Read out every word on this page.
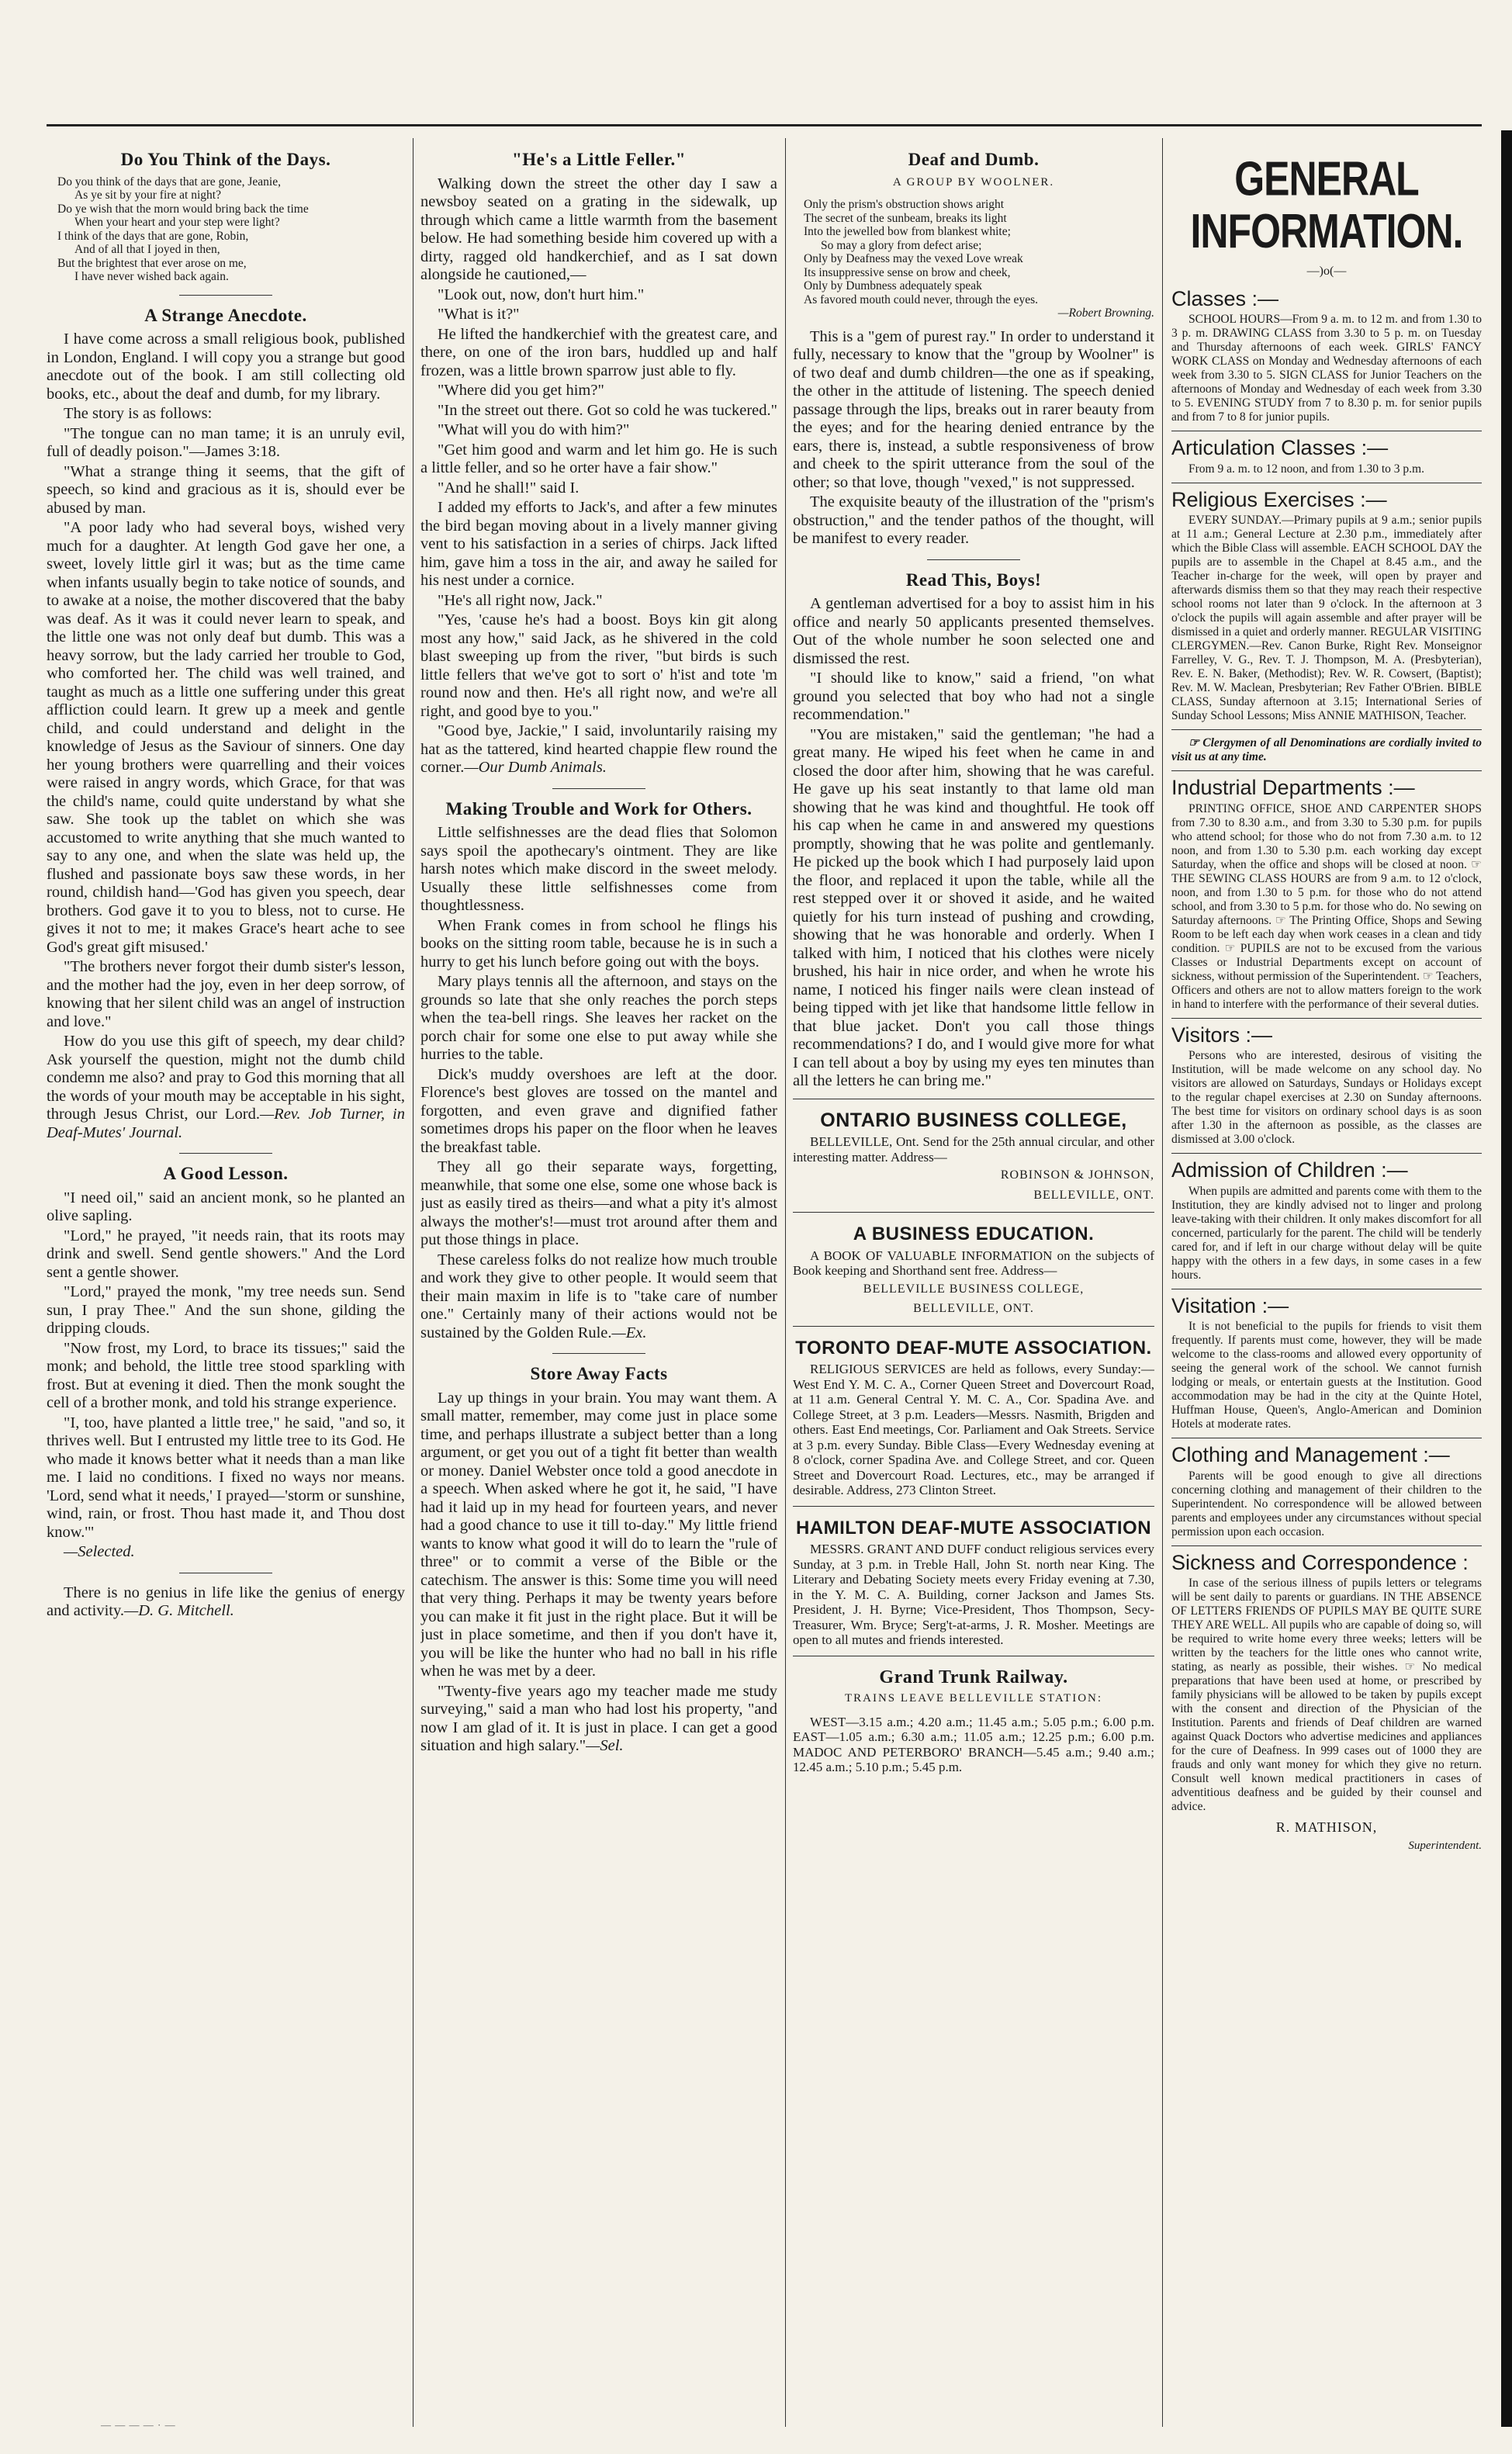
Do You Think of the Days.
Do you think of the days that are gone, Jeanie,
As ye sit by your fire at night?
Do ye wish that the morn would bring back the time
When your heart and your step were light?
I think of the days that are gone, Robin,
And of all that I joyed in then,
But the brightest that ever arose on me,
I have never wished back again.
A Strange Anecdote.

I have come across a small religious book, published in London, England. I will copy you a strange but good anecdote out of the book. I am still collecting old books, etc., about the deaf and dumb, for my library.

The story is as follows:

"The tongue can no man tame; it is an unruly evil, full of deadly poison."—James 3:18.

"What a strange thing it seems, that the gift of speech, so kind and gracious as it is, should ever be abused by man.

"A poor lady who had several boys, wished very much for a daughter. At length God gave her one, a sweet, lovely little girl it was; but as the time came when infants usually begin to take notice of sounds, and to awake at a noise, the mother discovered that the baby was deaf. As it was it could never learn to speak, and the little one was not only deaf but dumb. This was a heavy sorrow, but the lady carried her trouble to God, who comforted her. The child was well trained, and taught as much as a little one suffering under this great affliction could learn. It grew up a meek and gentle child, and could understand and delight in the knowledge of Jesus as the Saviour of sinners. One day her young brothers were quarrelling and their voices were raised in angry words, which Grace, for that was the child's name, could quite understand by what she saw. She took up the tablet on which she was accustomed to write anything that she much wanted to say to any one, and when the slate was held up, the flushed and passionate boys saw these words, in her round, childish hand—'God has given you speech, dear brothers. God gave it to you to bless, not to curse. He gives it not to me; it makes Grace's heart ache to see God's great gift misused.'

"The brothers never forgot their dumb sister's lesson, and the mother had the joy, even in her deep sorrow, of knowing that her silent child was an angel of instruction and love."

How do you use this gift of speech, my dear child? Ask yourself the question, might not the dumb child condemn me also? and pray to God this morning that all the words of your mouth may be acceptable in his sight, through Jesus Christ, our Lord.—Rev. Job Turner, in Deaf-Mutes' Journal.

A Good Lesson.

"I need oil," said an ancient monk, so he planted an olive sapling.

"Lord," he prayed, "it needs rain, that its roots may drink and swell. Send gentle showers." And the Lord sent a gentle shower.

"Lord," prayed the monk, "my tree needs sun. Send sun, I pray Thee." And the sun shone, gilding the dripping clouds.

"Now frost, my Lord, to brace its tissues;" said the monk; and behold, the little tree stood sparkling with frost. But at evening it died. Then the monk sought the cell of a brother monk, and told his strange experience.

"I, too, have planted a little tree," he said, "and so, it thrives well. But I entrusted my little tree to its God. He who made it knows better what it needs than a man like me. I laid no conditions. I fixed no ways nor means. 'Lord, send what it needs,' I prayed—'storm or sunshine, wind, rain, or frost. Thou hast made it, and Thou dost know.'"

—Selected.

There is no genius in life like the genius of energy and activity.—D. G. Mitchell.

"He's a Little Feller."

Walking down the street the other day I saw a newsboy seated on a grating in the sidewalk, up through which came a little warmth from the basement below. He had something beside him covered up with a dirty, ragged old handkerchief, and as I sat down alongside he cautioned,—

"Look out, now, don't hurt him."

"What is it?"

He lifted the handkerchief with the greatest care, and there, on one of the iron bars, huddled up and half frozen, was a little brown sparrow just able to fly.

"Where did you get him?"

"In the street out there. Got so cold he was tuckered."

"What will you do with him?"

"Get him good and warm and let him go. He is such a little feller, and so he orter have a fair show."

"And he shall!" said I.

I added my efforts to Jack's, and after a few minutes the bird began moving about in a lively manner giving vent to his satisfaction in a series of chirps. Jack lifted him, gave him a toss in the air, and away he sailed for his nest under a cornice.

"He's all right now, Jack."

"Yes, 'cause he's had a boost. Boys kin git along most any how," said Jack, as he shivered in the cold blast sweeping up from the river, "but birds is such little fellers that we've got to sort o' h'ist and tote 'm round now and then. He's all right now, and we're all right, and good bye to you."

"Good bye, Jackie," I said, involuntarily raising my hat as the tattered, kind hearted chappie flew round the corner.—Our Dumb Animals.

Making Trouble and Work for Others.

Little selfishnesses are the dead flies that Solomon says spoil the apothecary's ointment. They are like harsh notes which make discord in the sweet melody. Usually these little selfishnesses come from thoughtlessness.

When Frank comes in from school he flings his books on the sitting room table, because he is in such a hurry to get his lunch before going out with the boys.

Mary plays tennis all the afternoon, and stays on the grounds so late that she only reaches the porch steps when the tea-bell rings. She leaves her racket on the porch chair for some one else to put away while she hurries to the table.

Dick's muddy overshoes are left at the door. Florence's best gloves are tossed on the mantel and forgotten, and even grave and dignified father sometimes drops his paper on the floor when he leaves the breakfast table.

They all go their separate ways, forgetting, meanwhile, that some one else, some one whose back is just as easily tired as theirs—and what a pity it's almost always the mother's!—must trot around after them and put those things in place.

These careless folks do not realize how much trouble and work they give to other people. It would seem that their main maxim in life is to "take care of number one." Certainly many of their actions would not be sustained by the Golden Rule.—Ex.

Store Away Facts

Lay up things in your brain. You may want them. A small matter, remember, may come just in place some time, and perhaps illustrate a subject better than a long argument, or get you out of a tight fit better than wealth or money. Daniel Webster once told a good anecdote in a speech. When asked where he got it, he said, "I have had it laid up in my head for fourteen years, and never had a good chance to use it till to-day." My little friend wants to know what good it will do to learn the "rule of three" or to commit a verse of the Bible or the catechism. The answer is this: Some time you will need that very thing. Perhaps it may be twenty years before you can make it fit just in the right place. But it will be just in place sometime, and then if you don't have it, you will be like the hunter who had no ball in his rifle when he was met by a deer.

"Twenty-five years ago my teacher made me study surveying," said a man who had lost his property, "and now I am glad of it. It is just in place. I can get a good situation and high salary."—Sel.

Deaf and Dumb.
A GROUP BY WOOLNER.
Only the prism's obstruction shows aright
The secret of the sunbeam, breaks its light
Into the jewelled bow from blankest white;
So may a glory from defect arise;
Only by Deafness may the vexed Love wreak
Its insuppressive sense on brow and cheek,
Only by Dumbness adequately speak
As favored mouth could never, through the eyes.
—Robert Browning.

This is a "gem of purest ray." In order to understand it fully, necessary to know that the "group by Woolner" is of two deaf and dumb children—the one as if speaking, the other in the attitude of listening. The speech denied passage through the lips, breaks out in rarer beauty from the eyes; and for the hearing denied entrance by the ears, there is, instead, a subtle responsiveness of brow and cheek to the spirit utterance from the soul of the other; so that love, though "vexed," is not suppressed.

The exquisite beauty of the illustration of the "prism's obstruction," and the tender pathos of the thought, will be manifest to every reader.

Read This, Boys!

A gentleman advertised for a boy to assist him in his office and nearly 50 applicants presented themselves. Out of the whole number he soon selected one and dismissed the rest.

"I should like to know," said a friend, "on what ground you selected that boy who had not a single recommendation."

"You are mistaken," said the gentleman; "he had a great many. He wiped his feet when he came in and closed the door after him, showing that he was careful. He gave up his seat instantly to that lame old man showing that he was kind and thoughtful. He took off his cap when he came in and answered my questions promptly, showing that he was polite and gentlemanly. He picked up the book which I had purposely laid upon the floor, and replaced it upon the table, while all the rest stepped over it or shoved it aside, and he waited quietly for his turn instead of pushing and crowding, showing that he was honorable and orderly. When I talked with him, I noticed that his clothes were nicely brushed, his hair in nice order, and when he wrote his name, I noticed his finger nails were clean instead of being tipped with jet like that handsome little fellow in that blue jacket. Don't you call those things recommendations? I do, and I would give more for what I can tell about a boy by using my eyes ten minutes than all the letters he can bring me."

ONTARIO BUSINESS COLLEGE,

BELLEVILLE, Ont. Send for the 25th annual circular, and other interesting matter. Address—

ROBINSON & JOHNSON,
BELLEVILLE, ONT.
A BUSINESS EDUCATION.

A BOOK OF VALUABLE INFORMATION on the subjects of Book keeping and Shorthand sent free. Address—

BELLEVILLE BUSINESS COLLEGE,
BELLEVILLE, ONT.
TORONTO DEAF-MUTE ASSOCIATION.

RELIGIOUS SERVICES are held as follows, every Sunday:— West End Y. M. C. A., Corner Queen Street and Dovercourt Road, at 11 a.m. General Central Y. M. C. A., Cor. Spadina Ave. and College Street, at 3 p.m. Leaders—Messrs. Nasmith, Brigden and others. East End meetings, Cor. Parliament and Oak Streets. Service at 3 p.m. every Sunday. Bible Class—Every Wednesday evening at 8 o'clock, corner Spadina Ave. and College Street, and cor. Queen Street and Dovercourt Road. Lectures, etc., may be arranged if desirable. Address, 273 Clinton Street.

HAMILTON DEAF-MUTE ASSOCIATION

MESSRS. GRANT AND DUFF conduct religious services every Sunday, at 3 p.m. in Treble Hall, John St. north near King. The Literary and Debating Society meets every Friday evening at 7.30, in the Y. M. C. A. Building, corner Jackson and James Sts. President, J. H. Byrne; Vice-President, Thos Thompson, Secy-Treasurer, Wm. Bryce; Serg't-at-arms, J. R. Mosher. Meetings are open to all mutes and friends interested.

Grand Trunk Railway.
TRAINS LEAVE BELLEVILLE STATION:

WEST—3.15 a.m.; 4.20 a.m.; 11.45 a.m.; 5.05 p.m.; 6.00 p.m. EAST—1.05 a.m.; 6.30 a.m.; 11.05 a.m.; 12.25 p.m.; 6.00 p.m. MADOC AND PETERBORO' BRANCH—5.45 a.m.; 9.40 a.m.; 12.45 a.m.; 5.10 p.m.; 5.45 p.m.

GENERAL INFORMATION.
—)o(—
Classes :—

SCHOOL HOURS—From 9 a. m. to 12 m. and from 1.30 to 3 p. m. DRAWING CLASS from 3.30 to 5 p. m. on Tuesday and Thursday afternoons of each week. GIRLS' FANCY WORK CLASS on Monday and Wednesday afternoons of each week from 3.30 to 5. SIGN CLASS for Junior Teachers on the afternoons of Monday and Wednesday of each week from 3.30 to 5. EVENING STUDY from 7 to 8.30 p. m. for senior pupils and from 7 to 8 for junior pupils.

Articulation Classes :—

From 9 a. m. to 12 noon, and from 1.30 to 3 p.m.

Religious Exercises :—

EVERY SUNDAY.—Primary pupils at 9 a.m.; senior pupils at 11 a.m.; General Lecture at 2.30 p.m., immediately after which the Bible Class will assemble. EACH SCHOOL DAY the pupils are to assemble in the Chapel at 8.45 a.m., and the Teacher in-charge for the week, will open by prayer and afterwards dismiss them so that they may reach their respective school rooms not later than 9 o'clock. In the afternoon at 3 o'clock the pupils will again assemble and after prayer will be dismissed in a quiet and orderly manner. REGULAR VISITING CLERGYMEN.—Rev. Canon Burke, Right Rev. Monseignor Farrelley, V. G., Rev. T. J. Thompson, M. A. (Presbyterian), Rev. E. N. Baker, (Methodist); Rev. W. R. Cowsert, (Baptist); Rev. M. W. Maclean, Presbyterian; Rev Father O'Brien. BIBLE CLASS, Sunday afternoon at 3.15; International Series of Sunday School Lessons; Miss ANNIE MATHISON, Teacher.

☞ Clergymen of all Denominations are cordially invited to visit us at any time.

Industrial Departments :—

PRINTING OFFICE, SHOE AND CARPENTER SHOPS from 7.30 to 8.30 a.m., and from 3.30 to 5.30 p.m. for pupils who attend school; for those who do not from 7.30 a.m. to 12 noon, and from 1.30 to 5.30 p.m. each working day except Saturday, when the office and shops will be closed at noon. ☞ THE SEWING CLASS HOURS are from 9 a.m. to 12 o'clock, noon, and from 1.30 to 5 p.m. for those who do not attend school, and from 3.30 to 5 p.m. for those who do. No sewing on Saturday afternoons. ☞ The Printing Office, Shops and Sewing Room to be left each day when work ceases in a clean and tidy condition. ☞ PUPILS are not to be excused from the various Classes or Industrial Departments except on account of sickness, without permission of the Superintendent. ☞ Teachers, Officers and others are not to allow matters foreign to the work in hand to interfere with the performance of their several duties.

Visitors :—

Persons who are interested, desirous of visiting the Institution, will be made welcome on any school day. No visitors are allowed on Saturdays, Sundays or Holidays except to the regular chapel exercises at 2.30 on Sunday afternoons. The best time for visitors on ordinary school days is as soon after 1.30 in the afternoon as possible, as the classes are dismissed at 3.00 o'clock.

Admission of Children :—

When pupils are admitted and parents come with them to the Institution, they are kindly advised not to linger and prolong leave-taking with their children. It only makes discomfort for all concerned, particularly for the parent. The child will be tenderly cared for, and if left in our charge without delay will be quite happy with the others in a few days, in some cases in a few hours.

Visitation :—

It is not beneficial to the pupils for friends to visit them frequently. If parents must come, however, they will be made welcome to the class-rooms and allowed every opportunity of seeing the general work of the school. We cannot furnish lodging or meals, or entertain guests at the Institution. Good accommodation may be had in the city at the Quinte Hotel, Huffman House, Queen's, Anglo-American and Dominion Hotels at moderate rates.

Clothing and Management :—

Parents will be good enough to give all directions concerning clothing and management of their children to the Superintendent. No correspondence will be allowed between parents and employees under any circumstances without special permission upon each occasion.

Sickness and Correspondence :

In case of the serious illness of pupils letters or telegrams will be sent daily to parents or guardians. IN THE ABSENCE OF LETTERS FRIENDS OF PUPILS MAY BE QUITE SURE THEY ARE WELL. All pupils who are capable of doing so, will be required to write home every three weeks; letters will be written by the teachers for the little ones who cannot write, stating, as nearly as possible, their wishes. ☞ No medical preparations that have been used at home, or prescribed by family physicians will be allowed to be taken by pupils except with the consent and direction of the Physician of the Institution. Parents and friends of Deaf children are warned against Quack Doctors who advertise medicines and appliances for the cure of Deafness. In 999 cases out of 1000 they are frauds and only want money for which they give no return. Consult well known medical practitioners in cases of adventitious deafness and be guided by their counsel and advice.

R. MATHISON,
Superintendent.
— — — — · —
